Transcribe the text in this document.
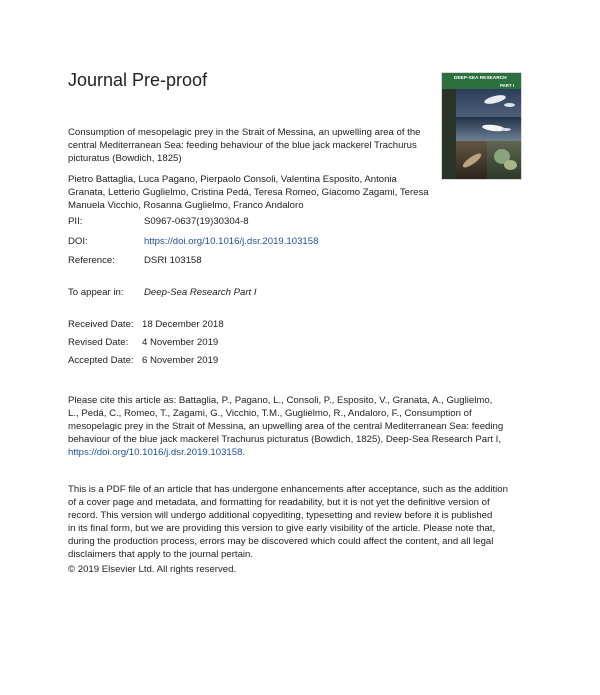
Journal Pre-proof	DEEP-SEA RESEARCH
PART I
Consumption of mesopelagic prey in the Strait of Messina, an upwelling area of the
central Mediterranean Sea: feeding behaviour of the blue jack mackerel Trachurus
picturatus (Bowdich, 1825)
Pietro Battaglia, Luca Pagano, Pierpaolo Consoli, Valentina Esposito, Antonia
Granata, Letterio Guglielmo, Cristina Pedá, Teresa Romeo, Giacomo Zagami, Teresa
Manuela Vicchio, Rosanna Guglielmo, Franco Andaloro
PII:	S0967-0637(19)30304-8
DOI:	https://doi.org/10.1016/j.dsr.2019.103158
Reference:	DSRI 103158
To appear in: Deep-Sea Research Part I
Received Date: 18 December 2018
Revised Date: 4 November 2019
Accepted Date: 6 November 2019
Please cite this article as: Battaglia, P., Pagano, L., Consoli, P., Esposito, V., Granata, A., Guglielmo,
L., Pedá, C., Romeo, T., Zagami, G., Vicchio, T.M., Guglielmo, R., Andaloro, F., Consumption of
mesopelagic prey in the Strait of Messina, an upwelling area of the central Mediterranean Sea: feeding
behaviour of the blue jack mackerel Trachurus picturatus (Bowdich, 1825), Deep-Sea Research Part I,
https://doi.org/10.1016/j.dsr.2019.103158.
This is a PDF file of an article that has undergone enhancements after acceptance, such as the addition
of a cover page and metadata, and formatting for readability, but it is not yet the definitive version of
record. This version will undergo additional copyediting, typesetting and review before it is published
in its final form, but we are providing this version to give early visibility of the article. Please note that,
during the production process, errors may be discovered which could affect the content, and all legal
disclaimers that apply to the journal pertain.
© 2019 Elsevier Ltd. All rights reserved.
